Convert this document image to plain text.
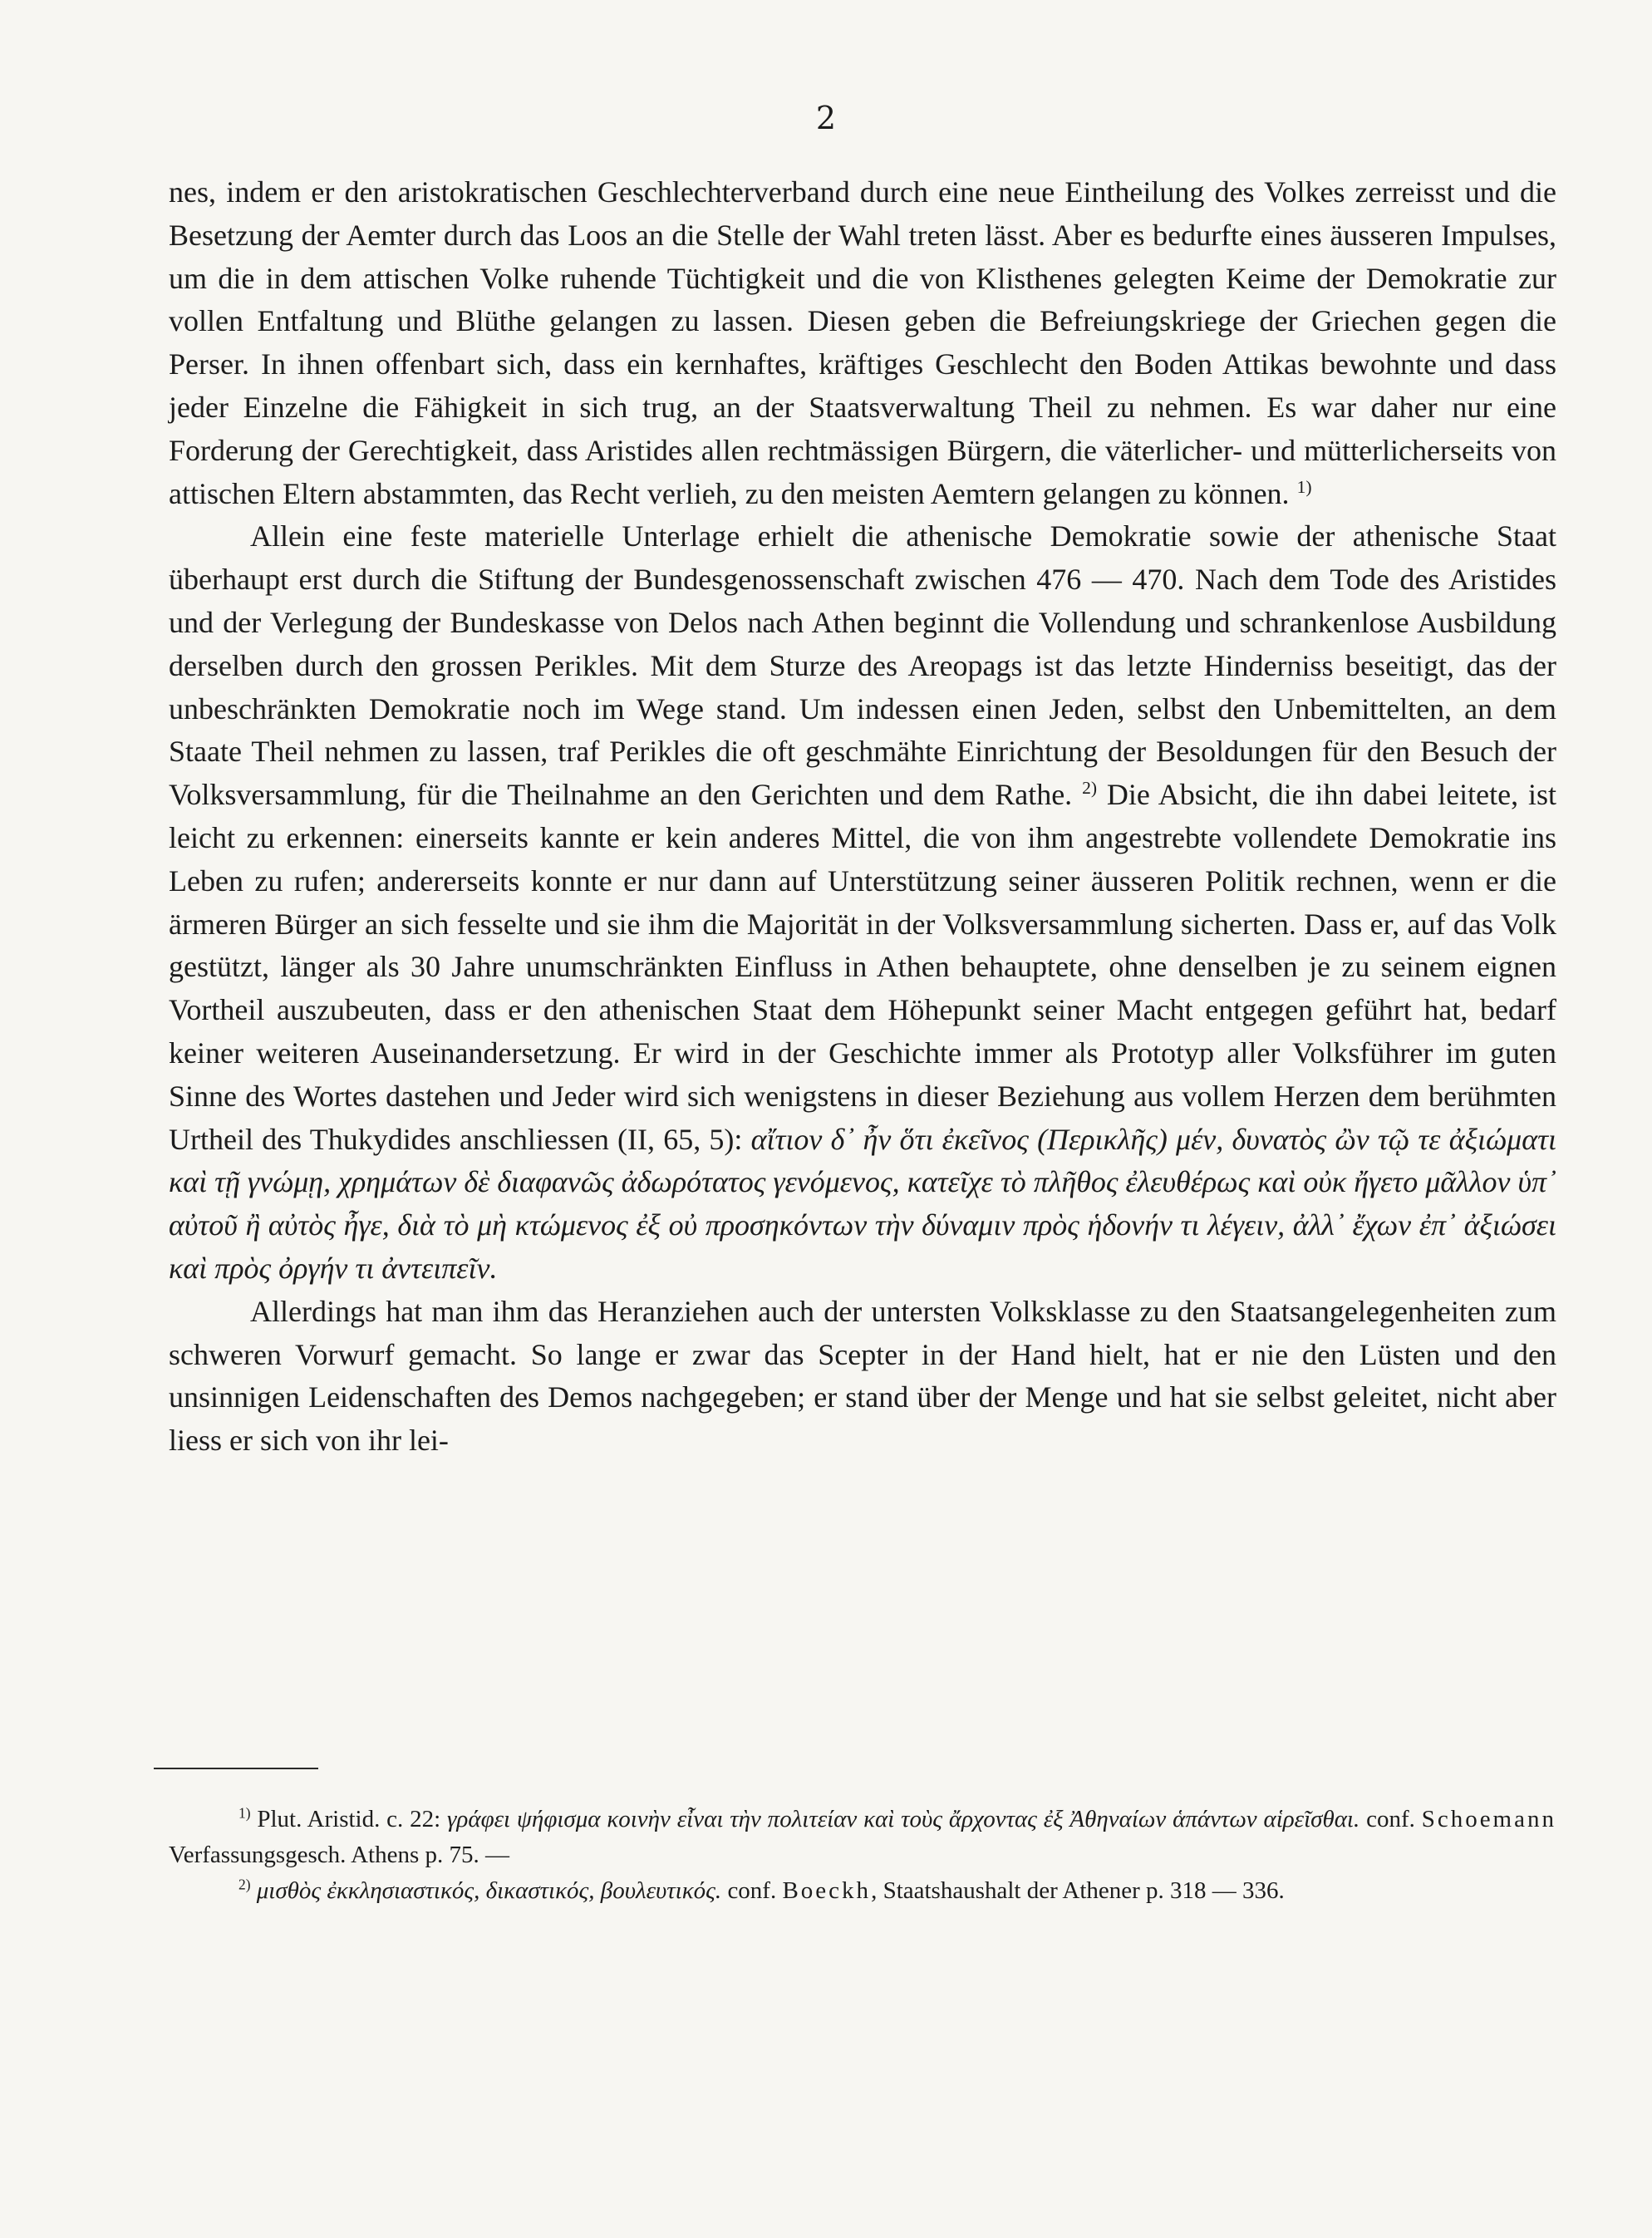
2

nes, indem er den aristokratischen Geschlechterverband durch eine neue Eintheilung des Volkes zerreisst und die Besetzung der Aemter durch das Loos an die Stelle der Wahl treten lässt. Aber es bedurfte eines äusseren Impulses, um die in dem attischen Volke ruhende Tüchtigkeit und die von Klisthenes gelegten Keime der Demokratie zur vollen Entfaltung und Blüthe gelangen zu lassen. Diesen geben die Befreiungskriege der Griechen gegen die Perser. In ihnen offenbart sich, dass ein kernhaftes, kräftiges Geschlecht den Boden Attikas bewohnte und dass jeder Einzelne die Fähigkeit in sich trug, an der Staatsverwaltung Theil zu nehmen. Es war daher nur eine Forderung der Gerechtigkeit, dass Aristides allen rechtmässigen Bürgern, die väterlicher- und mütterlicherseits von attischen Eltern abstammten, das Recht verlieh, zu den meisten Aemtern gelangen zu können. $^{1)}$

Allein eine feste materielle Unterlage erhielt die athenische Demokratie sowie der athenische Staat überhaupt erst durch die Stiftung der Bundesgenossenschaft zwischen 476 — 470. Nach dem Tode des Aristides und der Verlegung der Bundeskasse von Delos nach Athen beginnt die Vollendung und schrankenlose Ausbildung derselben durch den grossen Perikles. Mit dem Sturze des Areopags ist das letzte Hinderniss beseitigt, das der unbeschränkten Demokratie noch im Wege stand. Um indessen einen Jeden, selbst den Unbemittelten, an dem Staate Theil nehmen zu lassen, traf Perikles die oft geschmähte Einrichtung der Besoldungen für den Besuch der Volksversammlung, für die Theilnahme an den Gerichten und dem Rathe. $^{2)}$ Die Absicht, die ihn dabei leitete, ist leicht zu erkennen: einerseits kannte er kein anderes Mittel, die von ihm angestrebte vollendete Demokratie ins Leben zu rufen; andererseits konnte er nur dann auf Unterstützung seiner äusseren Politik rechnen, wenn er die ärmeren Bürger an sich fesselte und sie ihm die Majorität in der Volksversammlung sicherten. Dass er, auf das Volk gestützt, länger als 30 Jahre unumschränkten Einfluss in Athen behauptete, ohne denselben je zu seinem eignen Vortheil auszubeuten, dass er den athenischen Staat dem Höhepunkt seiner Macht entgegen geführt hat, bedarf keiner weiteren Auseinandersetzung. Er wird in der Geschichte immer als Prototyp aller Volksführer im guten Sinne des Wortes dastehen und Jeder wird sich wenigstens in dieser Beziehung aus vollem Herzen dem berühmten Urtheil des Thukydides anschliessen (II, 65, 5): αἴτιον δ᾽ ἦν ὅτι ἐκεῖνος (Περικλῆς) μέν, δυνατὸς ὢν τῷ τε ἀξιώματι καὶ τῇ γνώμῃ, χρημάτων δὲ διαφανῶς ἀδωρότατος γενόμενος, κατεῖχε τὸ πλῆθος ἐλευθέρως καὶ οὐκ ἤγετο μᾶλλον ὑπ᾽ αὐτοῦ ἢ αὐτὸς ἦγε, διὰ τὸ μὴ κτώμενος ἐξ οὐ προσηκόντων τὴν δύναμιν πρὸς ἡδονήν τι λέγειν, ἀλλ᾽ ἔχων ἐπ᾽ ἀξιώσει καὶ πρὸς ὀργήν τι ἀντειπεῖν.

Allerdings hat man ihm das Heranziehen auch der untersten Volksklasse zu den Staatsangelegenheiten zum schweren Vorwurf gemacht. So lange er zwar das Scepter in der Hand hielt, hat er nie den Lüsten und den unsinnigen Leidenschaften des Demos nachgegeben; er stand über der Menge und hat sie selbst geleitet, nicht aber liess er sich von ihr lei-

$^{1)}$ Plut. Aristid. c. 22: γράφει ψήφισμα κοινὴν εἶναι τὴν πολιτείαν καὶ τοὺς ἄρχοντας ἐξ Ἀθηναίων ἁπάντων αἱρεῖσθαι. conf. Schoemann Verfassungsgesch. Athens p. 75. —

$^{2)}$ μισθὸς ἐκκλησιαστικός, δικαστικός, βουλευτικός. conf. Boeckh, Staatshaushalt der Athener p. 318 — 336.
